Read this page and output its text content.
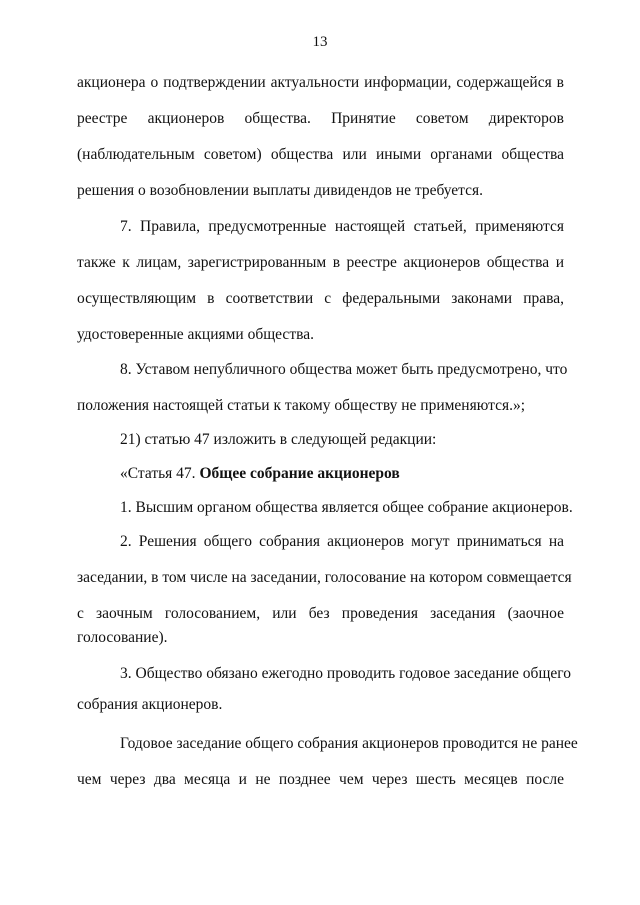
13
акционера о подтверждении актуальности информации, содержащейся в
реестре акционеров общества. Принятие советом директоров
(наблюдательным советом) общества или иными органами общества
решения о возобновлении выплаты дивидендов не требуется.
7. Правила, предусмотренные настоящей статьей, применяются
также к лицам, зарегистрированным в реестре акционеров общества и
осуществляющим в соответствии с федеральными законами права,
удостоверенные акциями общества.
8. Уставом непубличного общества может быть предусмотрено, что
положения настоящей статьи к такому обществу не применяются.»;
21) статью 47 изложить в следующей редакции:
«Статья 47. Общее собрание акционеров
1. Высшим органом общества является общее собрание акционеров.
2. Решения общего собрания акционеров могут приниматься на
заседании, в том числе на заседании, голосование на котором совмещается
с заочным голосованием, или без проведения заседания (заочное
голосование).
3. Общество обязано ежегодно проводить годовое заседание общего
собрания акционеров.
Годовое заседание общего собрания акционеров проводится не ранее
чем через два месяца и не позднее чем через шесть месяцев после
